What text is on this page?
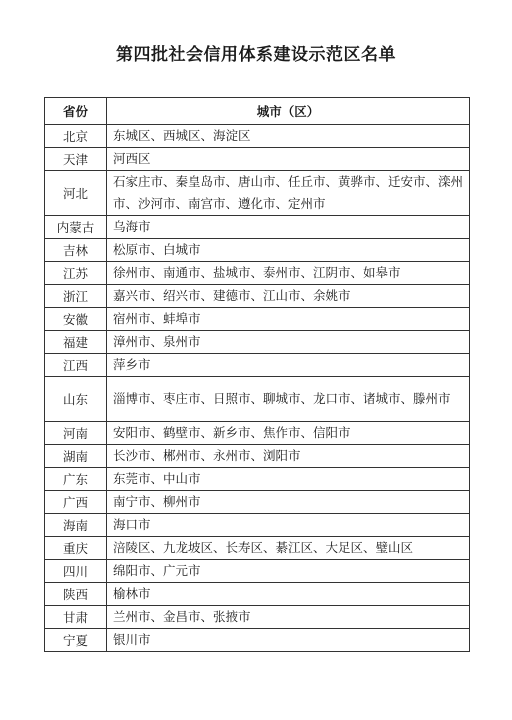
第四批社会信用体系建设示范区名单
省份	城市（区）
北京	东城区、西城区、海淀区
天津	河西区
河北	石家庄市、秦皇岛市、唐山市、任丘市、黄骅市、迁安市、滦州市、沙河市、南宫市、遵化市、定州市
内蒙古	乌海市
吉林	松原市、白城市
江苏	徐州市、南通市、盐城市、泰州市、江阴市、如皋市
浙江	嘉兴市、绍兴市、建德市、江山市、余姚市
安徽	宿州市、蚌埠市
福建	漳州市、泉州市
江西	萍乡市
山东	淄博市、枣庄市、日照市、聊城市、龙口市、诸城市、滕州市
河南	安阳市、鹤壁市、新乡市、焦作市、信阳市
湖南	长沙市、郴州市、永州市、浏阳市
广东	东莞市、中山市
广西	南宁市、柳州市
海南	海口市
重庆	涪陵区、九龙坡区、长寿区、綦江区、大足区、璧山区
四川	绵阳市、广元市
陕西	榆林市
甘肃	兰州市、金昌市、张掖市
宁夏	银川市
